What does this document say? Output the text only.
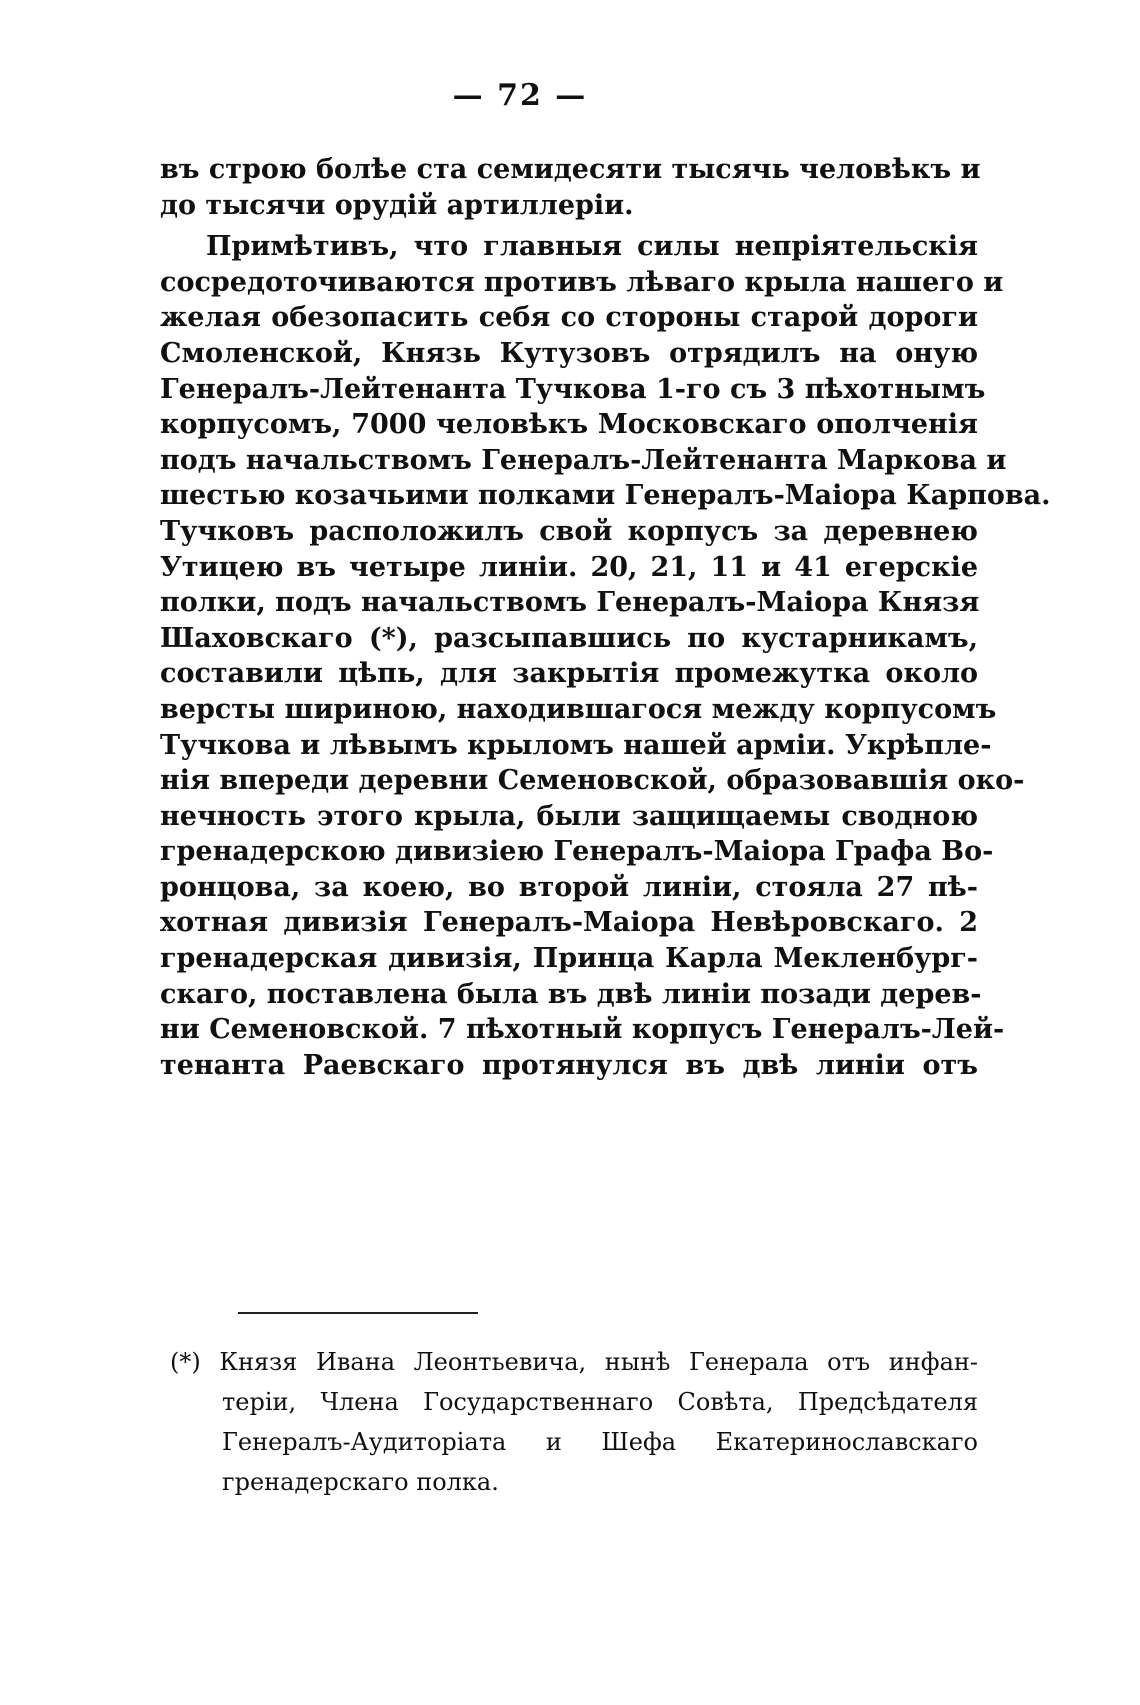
— 72 —
въ строю болѣе ста семидесяти тысячь человѣкъ и
до тысячи орудій артиллеріи.
Примѣтивъ, что главныя силы непріятельскія
сосредоточиваются противъ лѣваго крыла нашего и
желая обезопасить себя со стороны старой дороги
Смоленской, Князь Кутузовъ отрядилъ на оную
Генералъ-Лейтенанта Тучкова 1-го съ 3 пѣхотнымъ
корпусомъ, 7000 человѣкъ Московскаго ополченія
подъ начальствомъ Генералъ-Лейтенанта Маркова и
шестью козачьими полками Генералъ-Маіора Карпова.
Тучковъ расположилъ свой корпусъ за деревнею
Утицею въ четыре линіи. 20, 21, 11 и 41 егерскіе
полки, подъ начальствомъ Генералъ-Маіора Князя
Шаховскаго (*), разсыпавшись по кустарникамъ,
составили цѣпь, для закрытія промежутка около
версты шириною, находившагося между корпусомъ
Тучкова и лѣвымъ крыломъ нашей арміи. Укрѣпле-
нія впереди деревни Семеновской, образовавшія око-
нечность этого крыла, были защищаемы сводною
гренадерскою дивизіею Генералъ-Маіора Графа Во-
ронцова, за коею, во второй линіи, стояла 27 пѣ-
хотная дивизія Генералъ-Маіора Невѣровскаго. 2
гренадерская дивизія, Принца Карла Мекленбург-
скаго, поставлена была въ двѣ линіи позади дерев-
ни Семеновской. 7 пѣхотный корпусъ Генералъ-Лей-
тенанта Раевскаго протянулся въ двѣ линіи отъ
(*) Князя Ивана Леонтьевича, нынѣ Генерала отъ инфан-
теріи, Члена Государственнаго Совѣта, Предсѣдателя
Генералъ-Аудиторіата и Шефа Екатеринославскаго
гренадерскаго полка.
